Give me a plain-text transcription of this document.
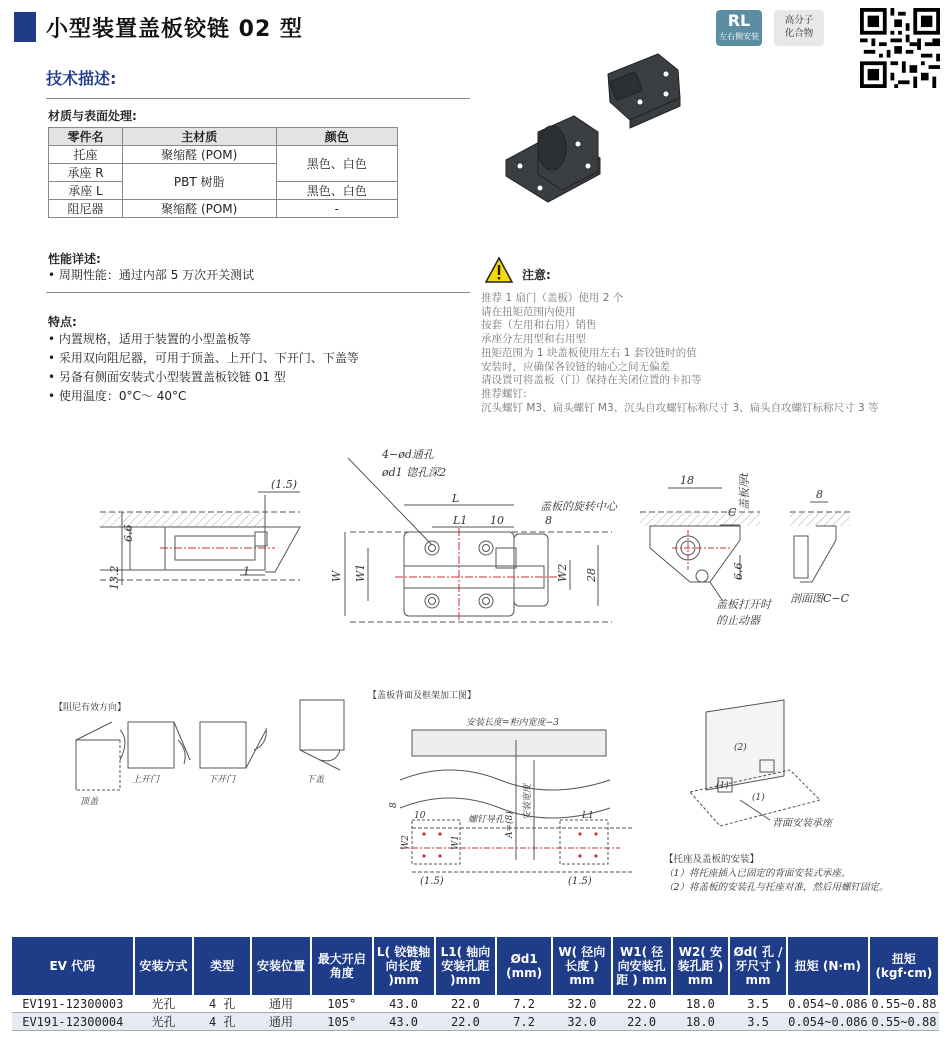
小型装置盖板铰链 02 型	RL
左右侧安装
高分子
化合物
技术描述:
材质与表面处理:
零件名	主材质	颜色
托座	聚缩醛 (POM)	黑色、白色
承座 R	PBT 树脂	
承座 L		黑色、白色
阻尼器	聚缩醛 (POM)	-
性能详述:
• 周期性能：通过内部 5 万次开关测试
特点:
• 内置规格，适用于装置的小型盖板等
• 采用双向阻尼器，可用于顶盖、上开门、下开门、下盖等
• 另备有侧面安装式小型装置盖板铰链 01 型
• 使用温度：0°C～ 40°C
注意:
推荐 1 扇门（盖板）使用 2 个
请在扭矩范围内使用
按套（左用和右用）销售
承座分左用型和右用型
扭矩范围为 1 块盖板使用左右 1 套铰链时的值
安装时，应确保各铰链的轴心之间无偏差
请设置可将盖板（门）保持在关闭位置的卡扣等
推荐螺钉:
沉头螺钉 M3、扁头螺钉 M3、沉头自攻螺钉标称尺寸 3、扁头自攻螺钉标称尺寸 3 等
(1.5)
6.6
13.2	1
4−ød通孔
ød1 锪孔深2
L
L1 10	8
W W1	W2 28
盖板的旋转中心
18	盖板厚t
C
6.6
盖板打开时
的止动器
8
剖面图C−C
【阻尼有效方向】
顶盖
上开门	下开门	下盖
【盖板背面及框架加工图】
安装长度=柜内宽度−3
安装宽度
A=(8)
螺钉导孔
W2	W1
10	L1
8
(1.5)	(1.5)
(2)
(1)
(1)
背面安装承座
【托座及盖板的安装】
（1）将托座插入已固定的背面安装式承座。
（2）将盖板的安装孔与托座对准，然后用螺钉固定。
EV 代码	安装方式	类型	安装位置	最大开启角度	L( 铰链轴向长度 )mm	L1( 轴向安装孔距 )mm	Ød1 (mm)	W( 径向长度 ) mm	W1( 径向安装孔距 ) mm	W2( 安装孔距 ) mm	Ød( 孔 / 牙尺寸 ) mm	扭矩 (N·m)	扭矩 (kgf·cm)
EV191-12300003	光孔	4 孔	通用	105°	43.0	22.0	7.2	32.0	22.0	18.0	3.5	0.054~0.086	0.55~0.88
EV191-12300004	光孔	4 孔	通用	105°	43.0	22.0	7.2	32.0	22.0	18.0	3.5	0.054~0.086	0.55~0.88
